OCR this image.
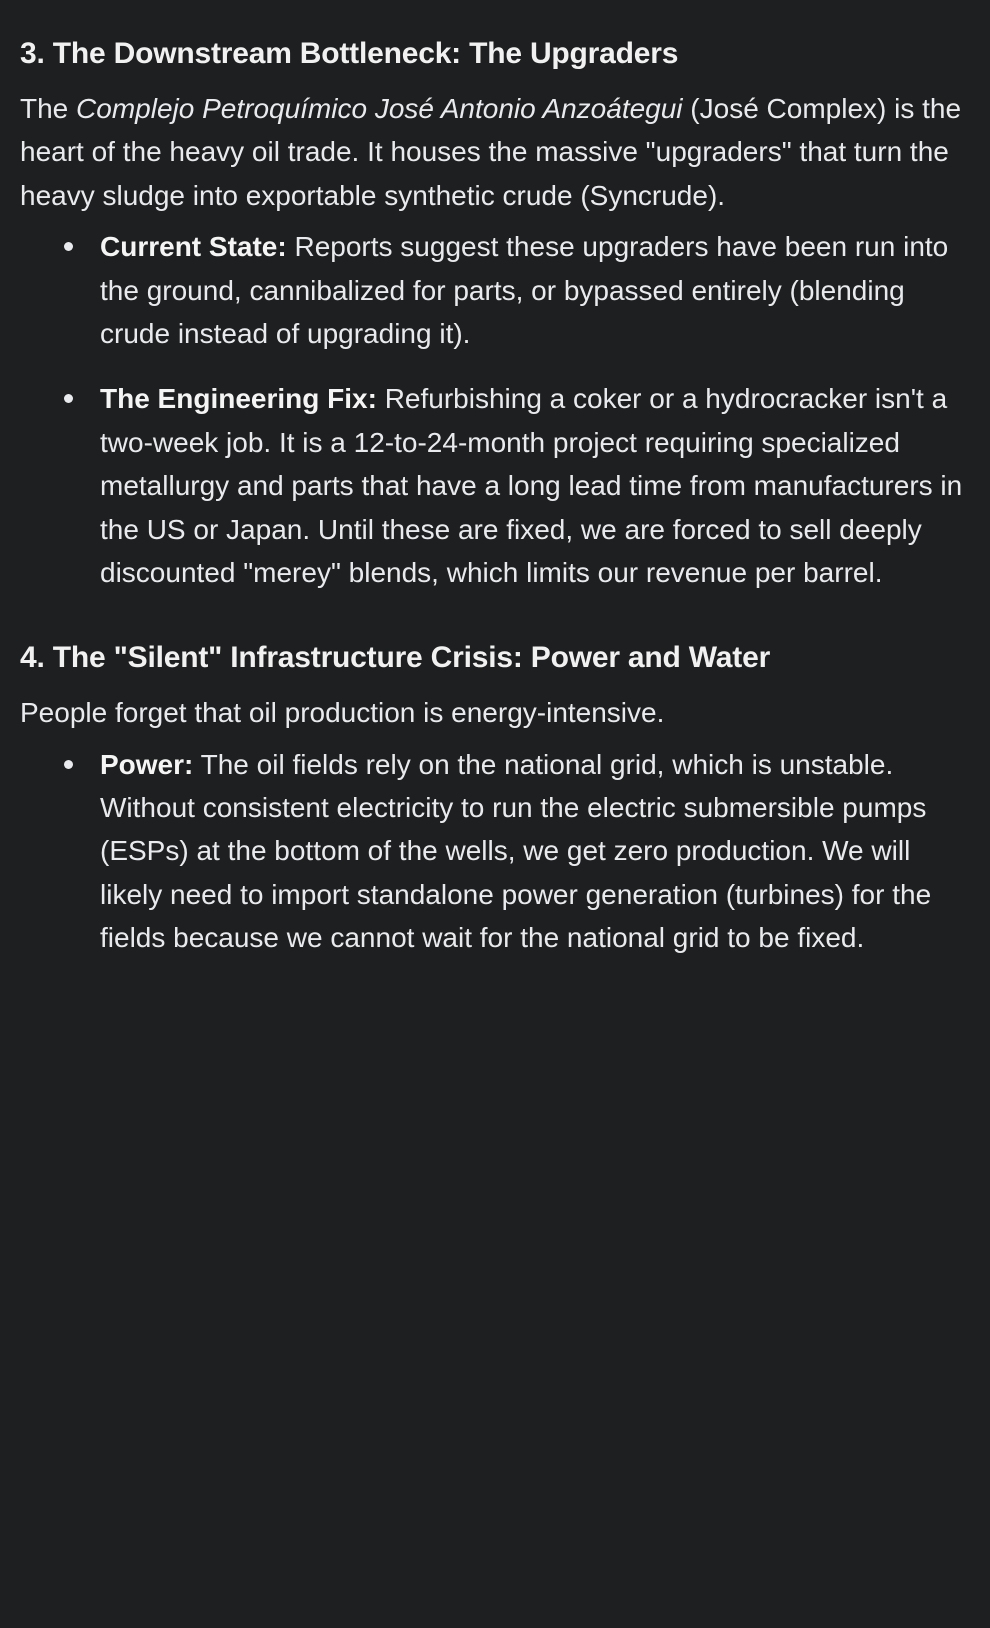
3. The Downstream Bottleneck: The Upgraders

The Complejo Petroquímico José Antonio Anzoátegui (José Complex) is the heart of the heavy oil trade. It houses the massive "upgraders" that turn the heavy sludge into exportable synthetic crude (Syncrude).

Current State: Reports suggest these upgraders have been run into the ground, cannibalized for parts, or bypassed entirely (blending crude instead of upgrading it).
The Engineering Fix: Refurbishing a coker or a hydrocracker isn't a two-week job. It is a 12-to-24-month project requiring specialized metallurgy and parts that have a long lead time from manufacturers in the US or Japan. Until these are fixed, we are forced to sell deeply discounted "merey" blends, which limits our revenue per barrel.
4. The "Silent" Infrastructure Crisis: Power and Water

People forget that oil production is energy-intensive.

Power: The oil fields rely on the national grid, which is unstable. Without consistent electricity to run the electric submersible pumps (ESPs) at the bottom of the wells, we get zero production. We will likely need to import standalone power generation (turbines) for the fields because we cannot wait for the national grid to be fixed.
